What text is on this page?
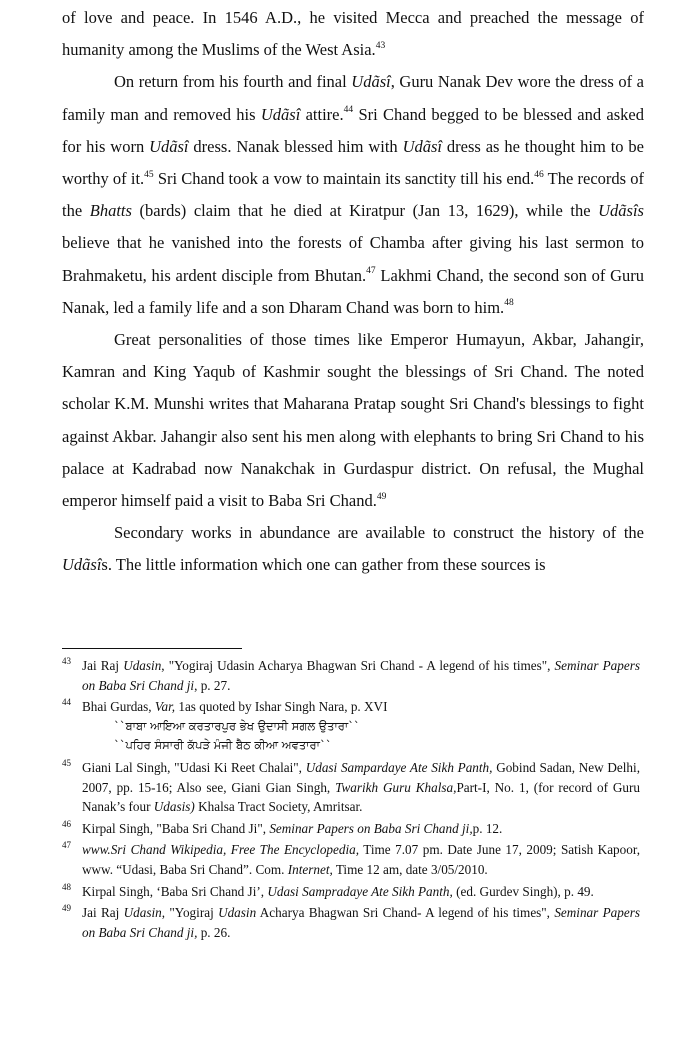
of love and peace. In 1546 A.D., he visited Mecca and preached the message of humanity among the Muslims of the West Asia.$^{43}$

On return from his fourth and final Udãsî, Guru Nanak Dev wore the dress of a family man and removed his Udãsî attire.$^{44}$ Sri Chand begged to be blessed and asked for his worn Udãsî dress. Nanak blessed him with Udãsî dress as he thought him to be worthy of it.$^{45}$ Sri Chand took a vow to maintain its sanctity till his end.$^{46}$ The records of the Bhatts (bards) claim that he died at Kiratpur (Jan 13, 1629), while the Udãsîs believe that he vanished into the forests of Chamba after giving his last sermon to Brahmaketu, his ardent disciple from Bhutan.$^{47}$ Lakhmi Chand, the second son of Guru Nanak, led a family life and a son Dharam Chand was born to him.$^{48}$

Great personalities of those times like Emperor Humayun, Akbar, Jahangir, Kamran and King Yaqub of Kashmir sought the blessings of Sri Chand. The noted scholar K.M. Munshi writes that Maharana Pratap sought Sri Chand's blessings to fight against Akbar. Jahangir also sent his men along with elephants to bring Sri Chand to his palace at Kadrabad now Nanakchak in Gurdaspur district. On refusal, the Mughal emperor himself paid a visit to Baba Sri Chand.$^{49}$

Secondary works in abundance are available to construct the history of the Udãsîs. The little information which one can gather from these sources is

43 Jai Raj Udasin, "Yogiraj Udasin Acharya Bhagwan Sri Chand - A legend of his times", Seminar Papers on Baba Sri Chand ji, p. 27.
44 Bhai Gurdas, Var, 1as quoted by Ishar Singh Nara, p. XVI
``ਬਾਬਾ ਆਇਆ ਕਰਤਾਰਪੁਰ ਭੇਖ ਉਦਾਸੀ ਸਗਲ ਉਤਾਰਾ``
``ਪਹਿਰ ਸੰਸਾਰੀ ਕੱਪੜੇ ਮੰਜੀ ਬੈਠ ਕੀਆ ਅਵਤਾਰਾ``
45 Giani Lal Singh, "Udasi Ki Reet Chalai", Udasi Sampardaye Ate Sikh Panth, Gobind Sadan, New Delhi, 2007, pp. 15-16; Also see, Giani Gian Singh, Twarikh Guru Khalsa,Part-I, No. 1, (for record of Guru Nanak’s four Udasis) Khalsa Tract Society, Amritsar.
46 Kirpal Singh, "Baba Sri Chand Ji", Seminar Papers on Baba Sri Chand ji,p. 12.
47 www.Sri Chand Wikipedia, Free The Encyclopedia, Time 7.07 pm. Date June 17, 2009; Satish Kapoor, www. “Udasi, Baba Sri Chand”. Com. Internet, Time 12 am, date 3/05/2010.
48 Kirpal Singh, ‘Baba Sri Chand Ji’, Udasi Sampradaye Ate Sikh Panth, (ed. Gurdev Singh), p. 49.
49 Jai Raj Udasin, "Yogiraj Udasin Acharya Bhagwan Sri Chand- A legend of his times", Seminar Papers on Baba Sri Chand ji, p. 26.
